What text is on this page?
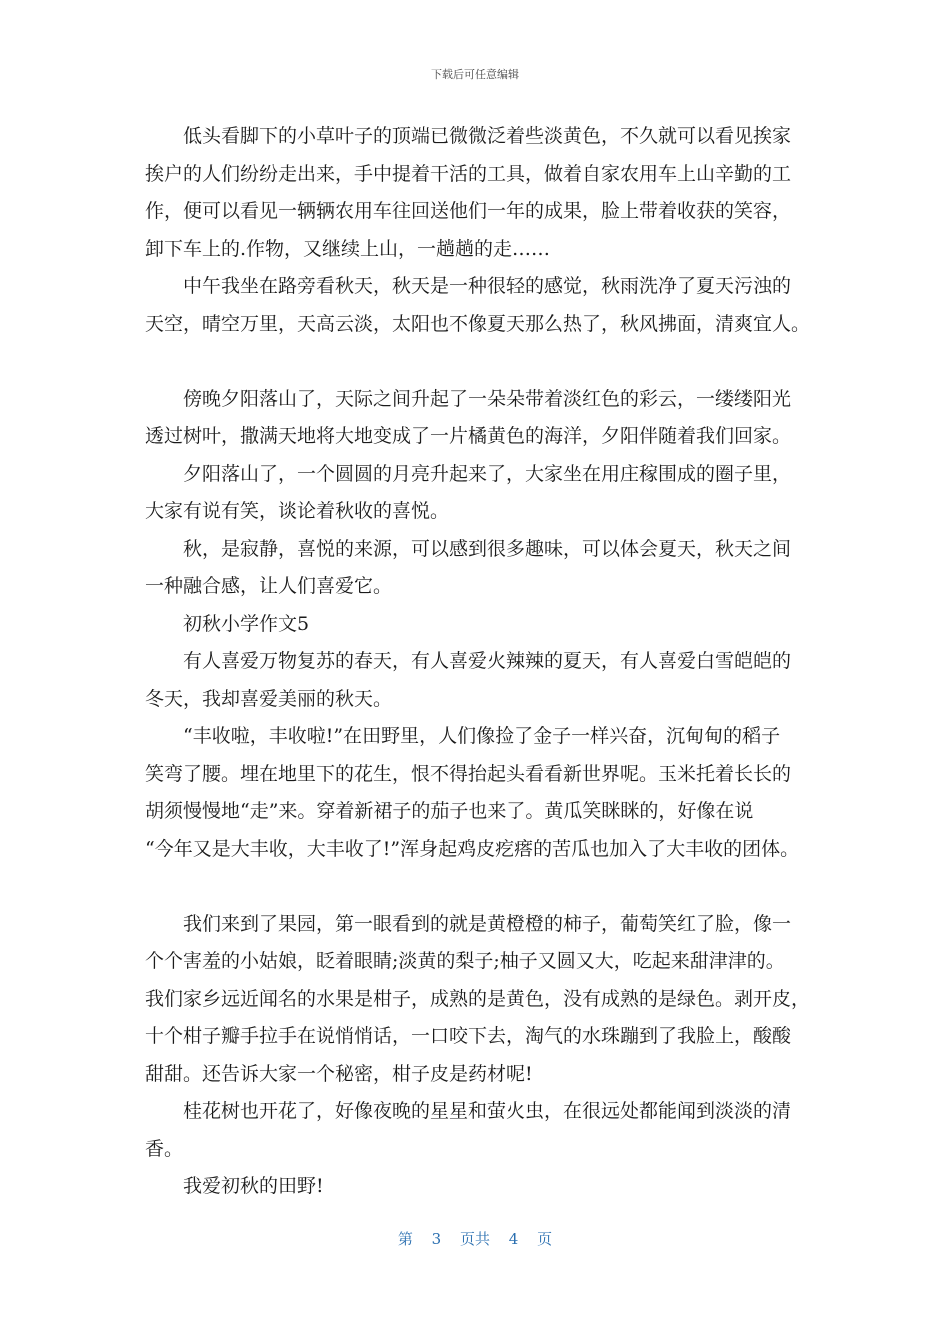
下载后可任意编辑
低头看脚下的小草叶子的顶端已微微泛着些淡黄色，不久就可以看见挨家
挨户的人们纷纷走出来，手中提着干活的工具，做着自家农用车上山辛勤的工
作，便可以看见一辆辆农用车往回送他们一年的成果，脸上带着收获的笑容，
卸下车上的.作物，又继续上山，一趟趟的走……
中午我坐在路旁看秋天，秋天是一种很轻的感觉，秋雨洗净了夏天污浊的
天空，晴空万里，天高云淡，太阳也不像夏天那么热了，秋风拂面，清爽宜人。
傍晚夕阳落山了，天际之间升起了一朵朵带着淡红色的彩云，一缕缕阳光
透过树叶，撒满天地将大地变成了一片橘黄色的海洋，夕阳伴随着我们回家。
夕阳落山了，一个圆圆的月亮升起来了，大家坐在用庄稼围成的圈子里，
大家有说有笑，谈论着秋收的喜悦。
秋，是寂静，喜悦的来源，可以感到很多趣味，可以体会夏天，秋天之间
一种融合感，让人们喜爱它。
初秋小学作文5
有人喜爱万物复苏的春天，有人喜爱火辣辣的夏天，有人喜爱白雪皑皑的
冬天，我却喜爱美丽的秋天。
“丰收啦，丰收啦!”在田野里，人们像捡了金子一样兴奋，沉甸甸的稻子
笑弯了腰。埋在地里下的花生，恨不得抬起头看看新世界呢。玉米托着长长的
胡须慢慢地“走”来。穿着新裙子的茄子也来了。黄瓜笑眯眯的，好像在说
“今年又是大丰收，大丰收了!”浑身起鸡皮疙瘩的苦瓜也加入了大丰收的团体。
我们来到了果园，第一眼看到的就是黄橙橙的柿子，葡萄笑红了脸，像一
个个害羞的小姑娘，眨着眼睛;淡黄的梨子;柚子又圆又大，吃起来甜津津的。
我们家乡远近闻名的水果是柑子，成熟的是黄色，没有成熟的是绿色。剥开皮，
十个柑子瓣手拉手在说悄悄话，一口咬下去，淘气的水珠蹦到了我脸上，酸酸
甜甜。还告诉大家一个秘密，柑子皮是药材呢!
桂花树也开花了，好像夜晚的星星和萤火虫，在很远处都能闻到淡淡的清
香。
我爱初秋的田野!
第 3 页共 4 页
